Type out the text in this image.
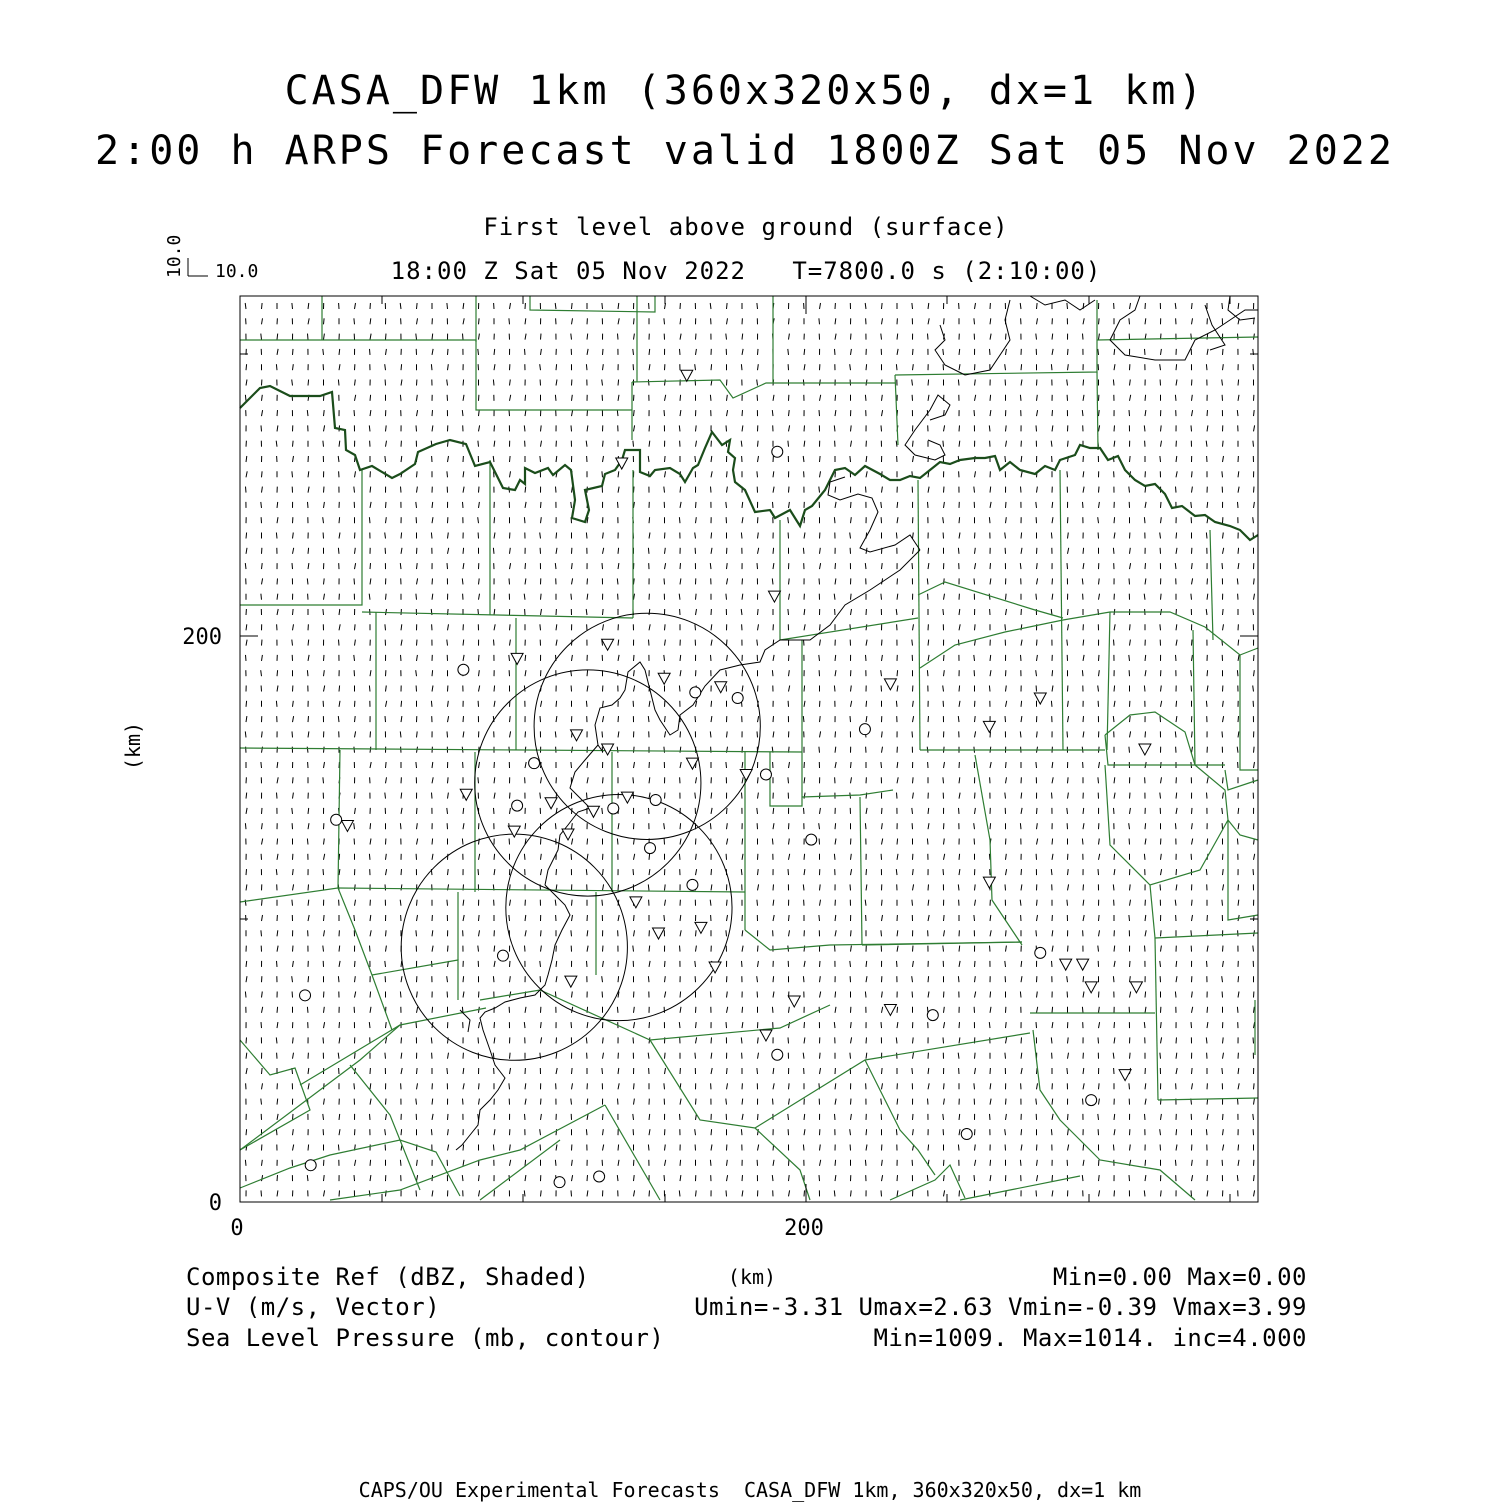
CASA_DFW 1km (360x320x50, dx=1 km)
2:00 h ARPS Forecast valid 1800Z Sat 05 Nov 2022
First level above ground (surface)
18:00 Z Sat 05 Nov 2022   T=7800.0 s (2:10:00)
10.0
10.0
0	200
0
200
(km)
(km)
Composite Ref (dBZ, Shaded)	Min=0.00 Max=0.00
U-V (m/s, Vector)	Umin=-3.31 Umax=2.63 Vmin=-0.39 Vmax=3.99
Sea Level Pressure (mb, contour)	Min=1009. Max=1014. inc=4.000
CAPS/OU Experimental Forecasts  CASA_DFW 1km, 360x320x50, dx=1 km
